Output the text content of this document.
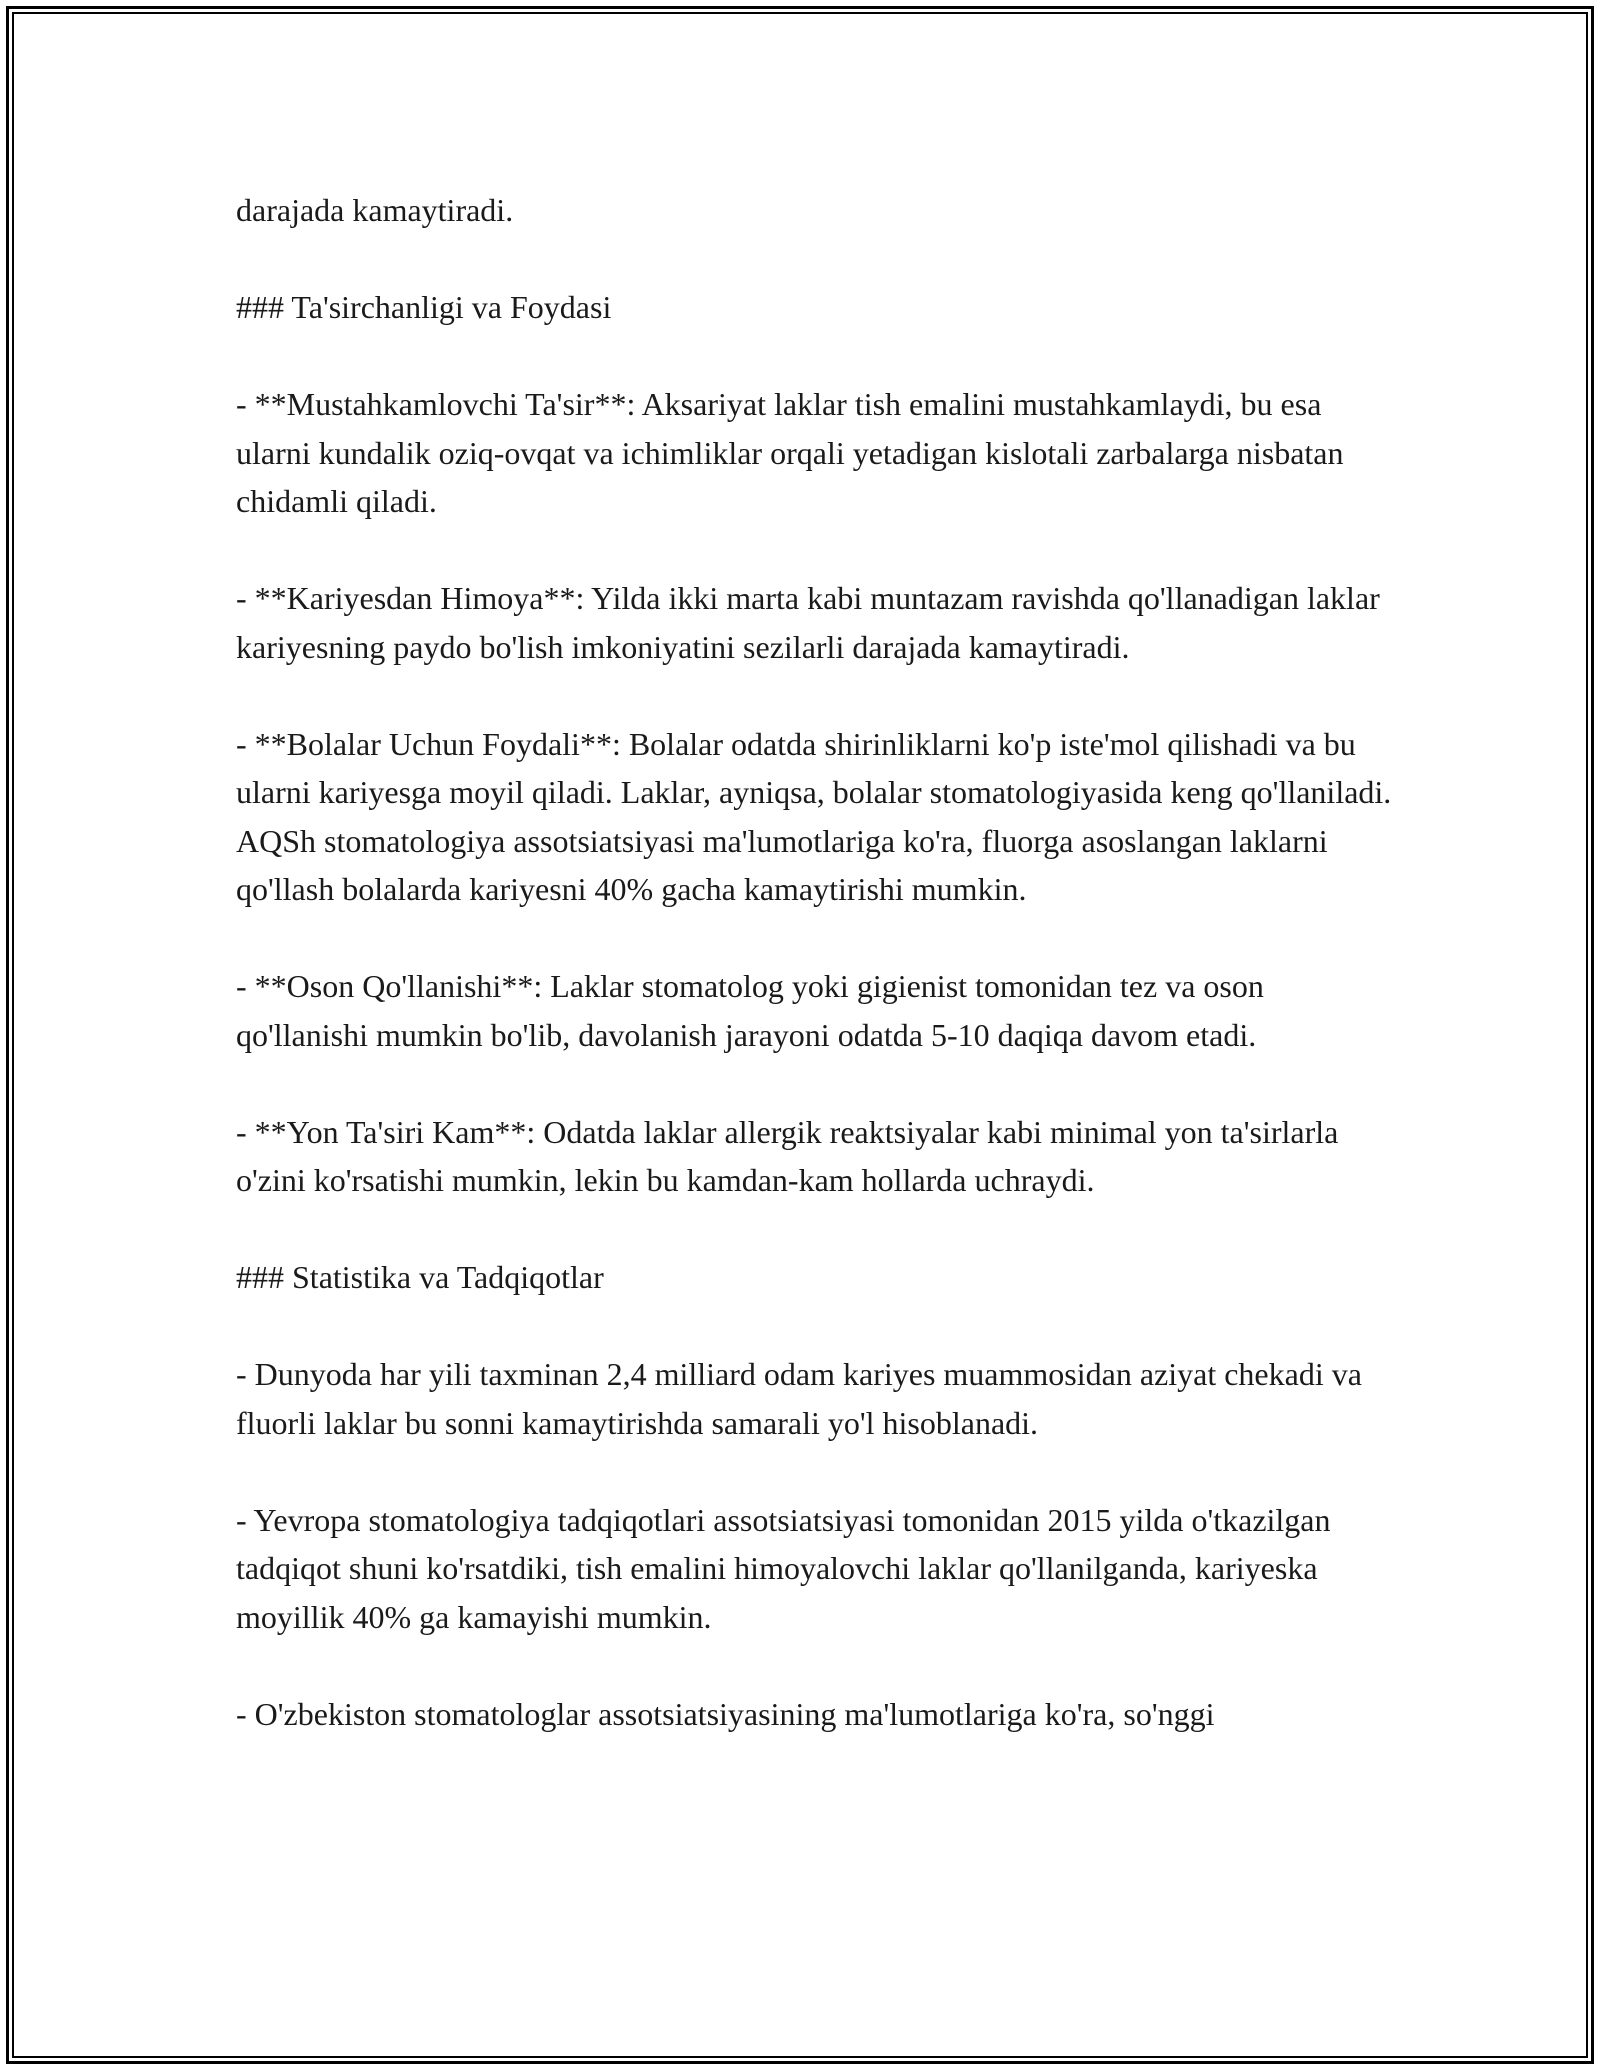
darajada kamaytiradi.

### Ta'sirchanligi va Foydasi

- **Mustahkamlovchi Ta'sir**: Aksariyat laklar tish emalini mustahkamlaydi, bu esa ularni kundalik oziq-ovqat va ichimliklar orqali yetadigan kislotali zarbalarga nisbatan chidamli qiladi.

- **Kariyesdan Himoya**: Yilda ikki marta kabi muntazam ravishda qo'llanadigan laklar kariyesning paydo bo'lish imkoniyatini sezilarli darajada kamaytiradi.

- **Bolalar Uchun Foydali**: Bolalar odatda shirinliklarni ko'p iste'mol qilishadi va bu ularni kariyesga moyil qiladi. Laklar, ayniqsa, bolalar stomatologiyasida keng qo'llaniladi. AQSh stomatologiya assotsiatsiyasi ma'lumotlariga ko'ra, fluorga asoslangan laklarni qo'llash bolalarda kariyesni 40% gacha kamaytirishi mumkin.

- **Oson Qo'llanishi**: Laklar stomatolog yoki gigienist tomonidan tez va oson qo'llanishi mumkin bo'lib, davolanish jarayoni odatda 5-10 daqiqa davom etadi.

- **Yon Ta'siri Kam**: Odatda laklar allergik reaktsiyalar kabi minimal yon ta'sirlarla o'zini ko'rsatishi mumkin, lekin bu kamdan-kam hollarda uchraydi.

### Statistika va Tadqiqotlar

- Dunyoda har yili taxminan 2,4 milliard odam kariyes muammosidan aziyat chekadi va fluorli laklar bu sonni kamaytirishda samarali yo'l hisoblanadi.

- Yevropa stomatologiya tadqiqotlari assotsiatsiyasi tomonidan 2015 yilda o'tkazilgan tadqiqot shuni ko'rsatdiki, tish emalini himoyalovchi laklar qo'llanilganda, kariyeska moyillik 40% ga kamayishi mumkin.

- O'zbekiston stomatologlar assotsiatsiyasining ma'lumotlariga ko'ra, so'nggi
